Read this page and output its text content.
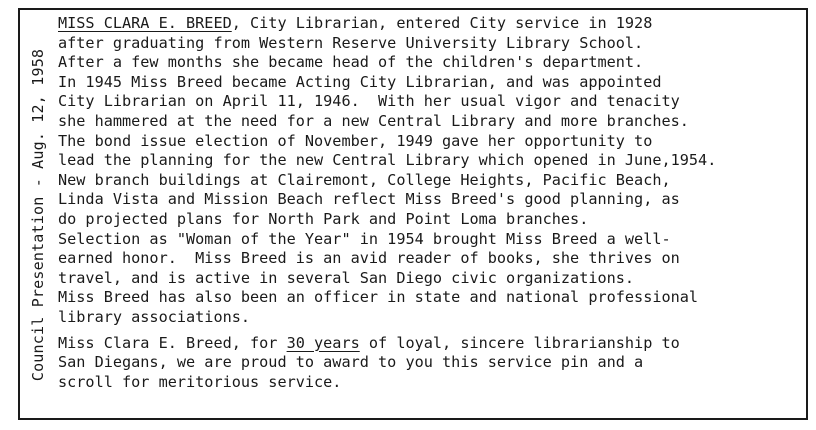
Council Presentation - Aug. 12, 1958
MISS CLARA E. BREED, City Librarian, entered City service in 1928
after graduating from Western Reserve University Library School.
After a few months she became head of the children's department.
In 1945 Miss Breed became Acting City Librarian, and was appointed
City Librarian on April 11, 1946.  With her usual vigor and tenacity
she hammered at the need for a new Central Library and more branches.
The bond issue election of November, 1949 gave her opportunity to
lead the planning for the new Central Library which opened in June,1954.
New branch buildings at Clairemont, College Heights, Pacific Beach,
Linda Vista and Mission Beach reflect Miss Breed's good planning, as
do projected plans for North Park and Point Loma branches.
Selection as "Woman of the Year" in 1954 brought Miss Breed a well-
earned honor.  Miss Breed is an avid reader of books, she thrives on
travel, and is active in several San Diego civic organizations.
Miss Breed has also been an officer in state and national professional
library associations.
Miss Clara E. Breed, for 30 years of loyal, sincere librarianship to
San Diegans, we are proud to award to you this service pin and a
scroll for meritorious service.
